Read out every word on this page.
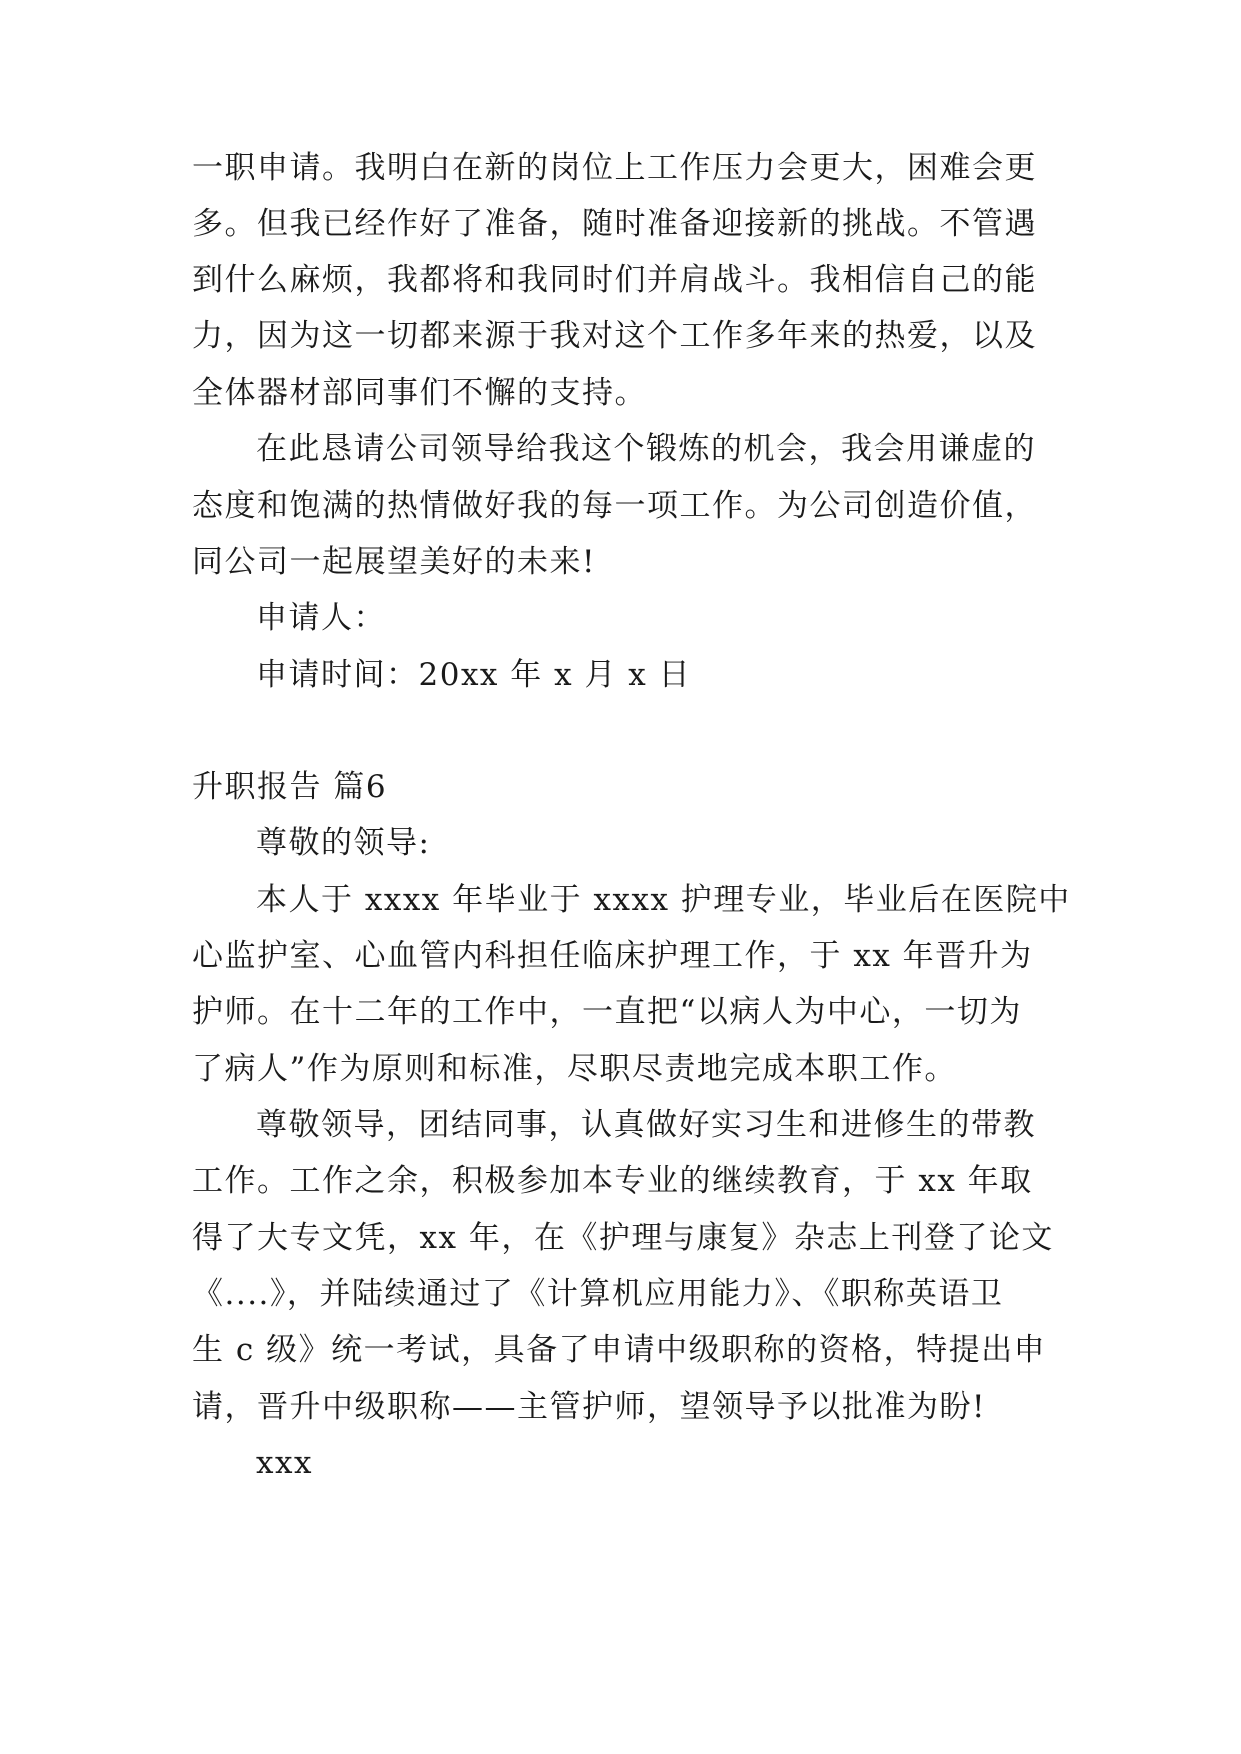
一职申请。我明白在新的岗位上工作压力会更大，困难会更
多。但我已经作好了准备，随时准备迎接新的挑战。不管遇
到什么麻烦，我都将和我同时们并肩战斗。我相信自己的能
力，因为这一切都来源于我对这个工作多年来的热爱，以及
全体器材部同事们不懈的支持。
在此恳请公司领导给我这个锻炼的机会，我会用谦虚的
态度和饱满的热情做好我的每一项工作。为公司创造价值，
同公司一起展望美好的未来!
申请人：
申请时间：20xx 年 x 月 x 日
升职报告 篇6
尊敬的领导:
本人于 xxxx 年毕业于 xxxx 护理专业，毕业后在医院中
心监护室、心血管内科担任临床护理工作，于 xx 年晋升为
护师。在十二年的工作中，一直把“以病人为中心，一切为
了病人”作为原则和标准，尽职尽责地完成本职工作。
尊敬领导，团结同事，认真做好实习生和进修生的带教
工作。工作之余，积极参加本专业的继续教育，于 xx 年取
得了大专文凭，xx 年，在《护理与康复》杂志上刊登了论文
《....》，并陆续通过了《计算机应用能力》、《职称英语卫
生 c 级》统一考试，具备了申请中级职称的资格，特提出申
请，晋升中级职称——主管护师，望领导予以批准为盼!
xxx
